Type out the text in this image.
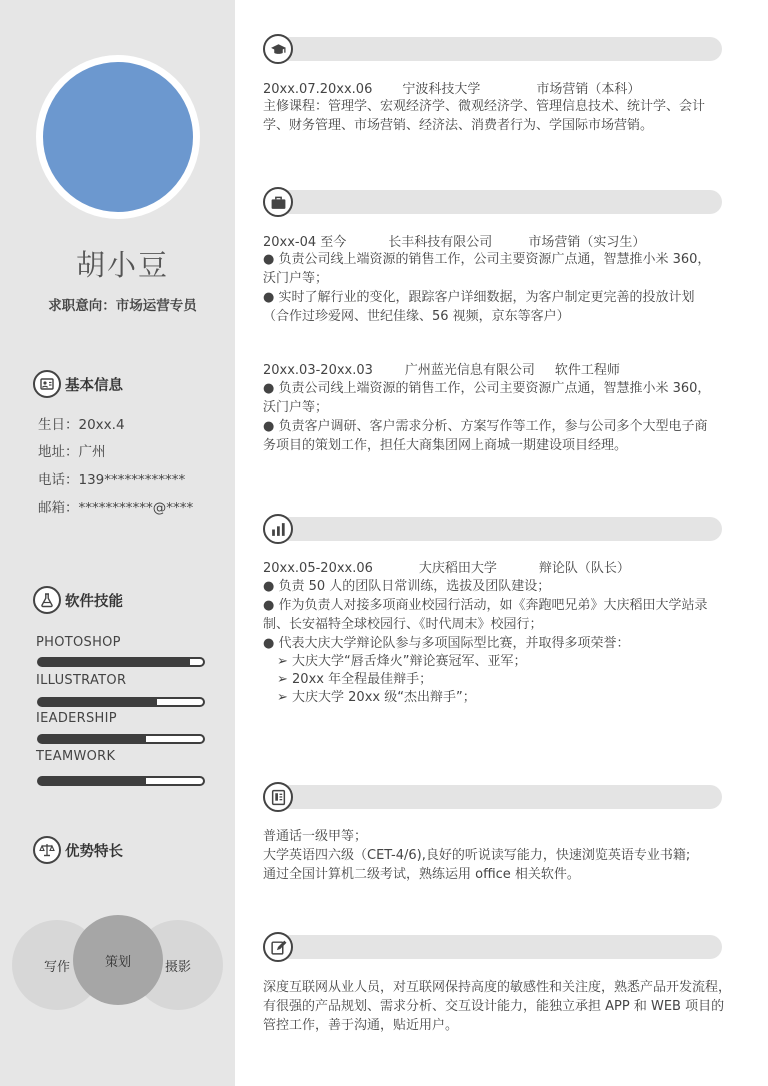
胡小豆
求职意向：市场运营专员
基本信息
生日：20xx.4
地址：广州
电话：139************
邮箱：***********@****
软件技能
PHOTOSHOP
ILLUSTRATOR
IEADERSHIP
TEAMWORK
优势特长
写作	摄影
策划
20xx.07.20xx.06 宁波科技大学	市场营销（本科）
主修课程：管理学、宏观经济学、微观经济学、管理信息技术、统计学、会计
学、财务管理、市场营销、经济法、消费者行为、学国际市场营销。
20xx-04 至今	长丰科技有限公司	市场营销（实习生）
● 负责公司线上端资源的销售工作，公司主要资源广点通，智慧推小米 360，
沃门户等；
● 实时了解行业的变化，跟踪客户详细数据，为客户制定更完善的投放计划
（合作过珍爱网、世纪佳缘、56 视频，京东等客户）
20xx.03-20xx.03 广州蓝光信息有限公司 软件工程师
● 负责公司线上端资源的销售工作，公司主要资源广点通，智慧推小米 360，
沃门户等；
● 负责客户调研、客户需求分析、方案写作等工作，参与公司多个大型电子商
务项目的策划工作，担任大商集团网上商城一期建设项目经理。
20xx.05-20xx.06	大庆稻田大学	辩论队（队长）
● 负责 50 人的团队日常训练，选拔及团队建设；
● 作为负责人对接多项商业校园行活动，如《奔跑吧兄弟》大庆稻田大学站录
制、长安福特全球校园行、《时代周末》校园行；
● 代表大庆大学辩论队参与多项国际型比赛，并取得多项荣誉：
➢ 大庆大学“唇舌烽火”辩论赛冠军、亚军；
➢ 20xx 年全程最佳辩手；
➢ 大庆大学 20xx 级“杰出辩手”；
普通话一级甲等；
大学英语四六级（CET-4/6),良好的听说读写能力，快速浏览英语专业书籍;
通过全国计算机二级考试，熟练运用 office 相关软件。
深度互联网从业人员，对互联网保持高度的敏感性和关注度，熟悉产品开发流程，
有很强的产品规划、需求分析、交互设计能力，能独立承担 APP 和 WEB 项目的
管控工作，善于沟通，贴近用户。
